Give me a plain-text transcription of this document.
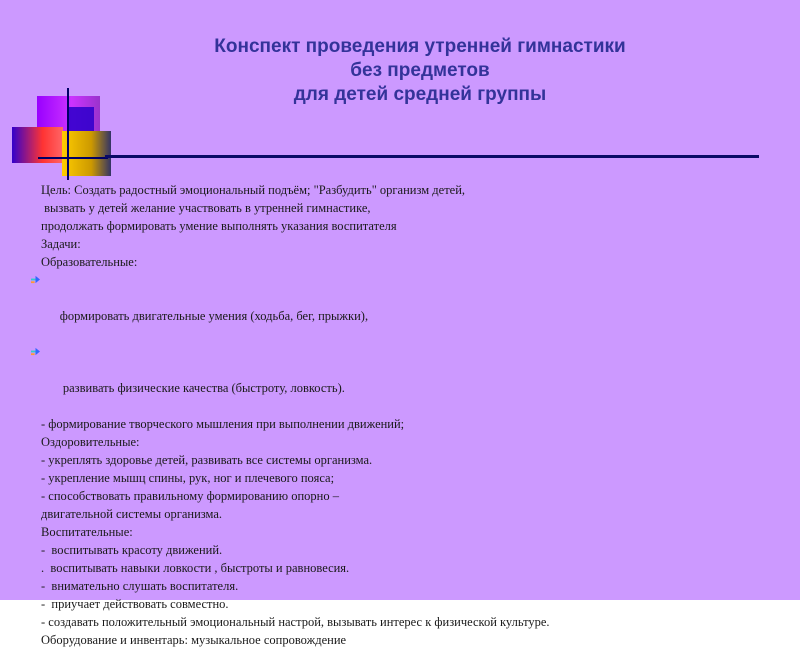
Конспект проведения утренней гимнастики
без предметов
для детей средней группы
Цель: Создать радостный эмоциональный подъём; "Разбудить" организм детей,
вызвать у детей желание участвовать в утренней гимнастике,
продолжать формировать умение выполнять указания воспитателя
Задачи:
Образовательные:

формировать двигательные умения (ходьба, бег, прыжки),

развивать физические качества (быстроту, ловкость).

- формирование творческого мышления при выполнении движений;
Оздоровительные:
- укреплять здоровье детей, развивать все системы организма.
- укрепление мышц спины, рук, ног и плечевого пояса;
- способствовать правильному формированию опорно –
двигательной системы организма.
Воспитательные:
-  воспитывать красоту движений.
.  воспитывать навыки ловкости , быстроты и равновесия.
-  внимательно слушать воспитателя.
-  приучает действовать совместно.
- создавать положительный эмоциональный настрой, вызывать интерес к физической культуре.
Оборудование и инвентарь: музыкальное сопровождение
